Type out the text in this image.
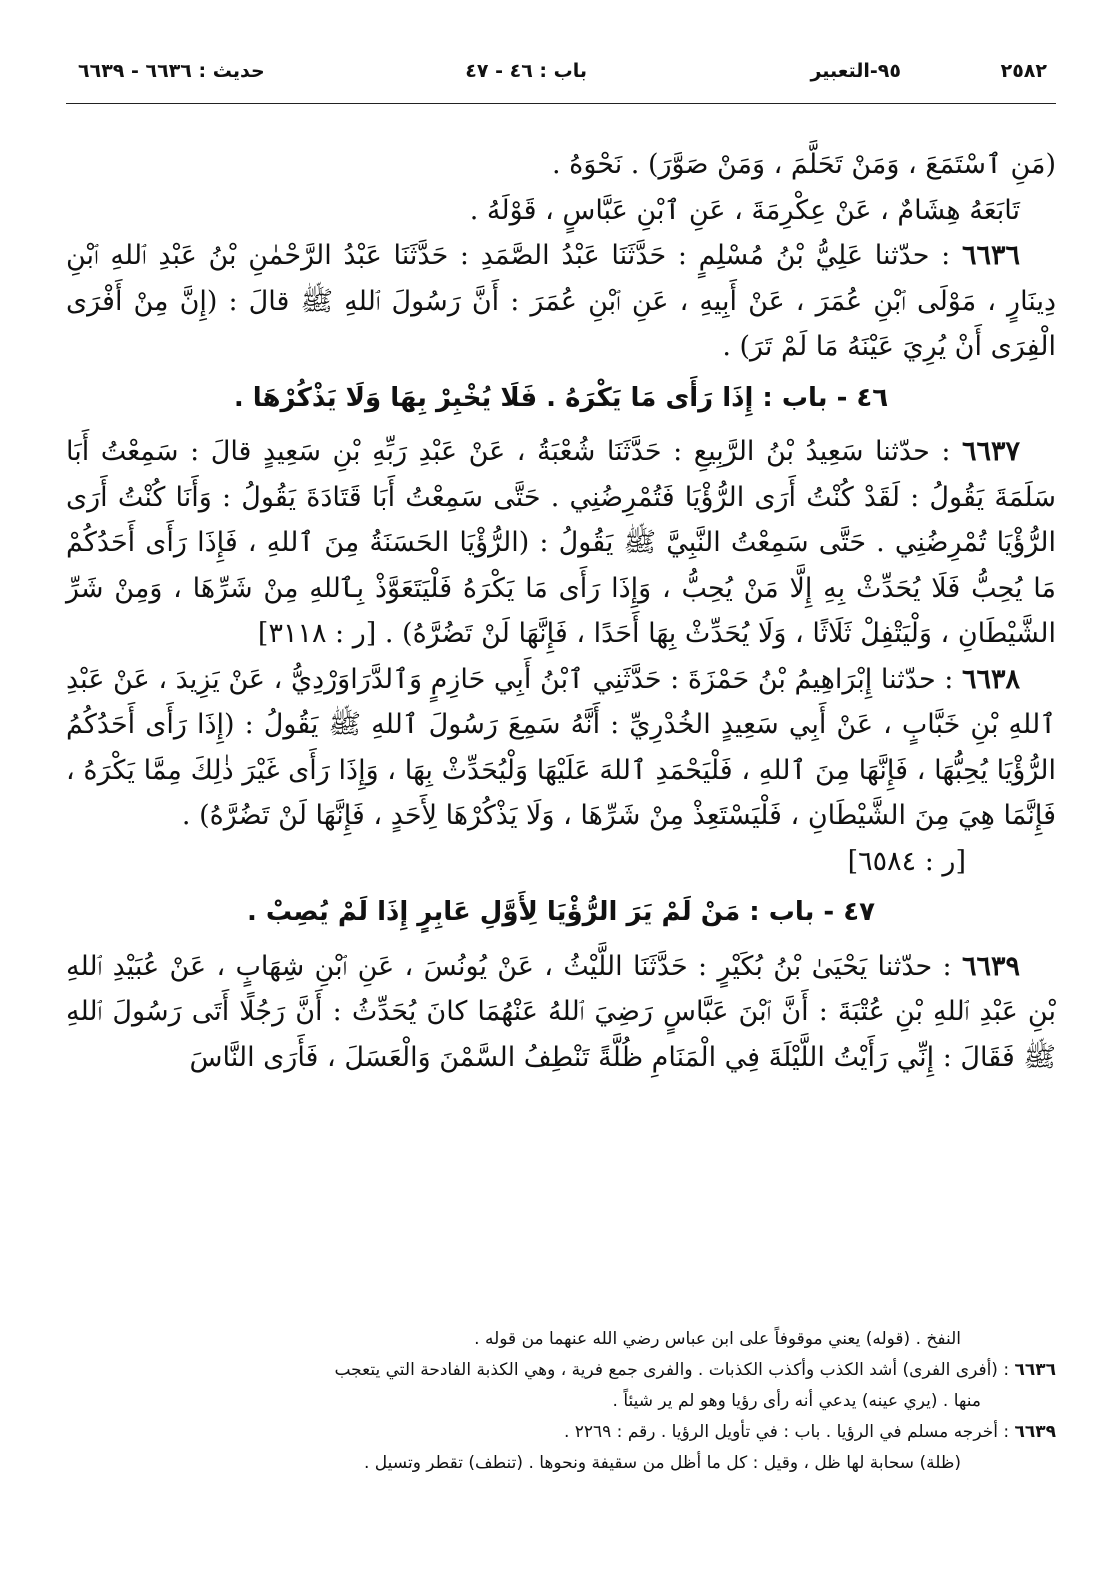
٢٥٨٢
٩٥-التعبير
باب : ٤٦ - ٤٧
حديث : ٦٦٣٦ - ٦٦٣٩

(مَنِ ٱسْتَمَعَ ، وَمَنْ تَحَلَّمَ ، وَمَنْ صَوَّرَ) . نَحْوَهُ .

تَابَعَهُ هِشَامٌ ، عَنْ عِكْرِمَةَ ، عَنِ ٱبْنِ عَبَّاسٍ ، قَوْلَهُ .

٦٦٣٦ : حدّثنا عَلِيُّ بْنُ مُسْلِمٍ : حَدَّثَنَا عَبْدُ الصَّمَدِ : حَدَّثَنَا عَبْدُ الرَّحْمٰنِ بْنُ عَبْدِ ٱللهِ ٱبْنِ دِينَارٍ ، مَوْلَى ٱبْنِ عُمَرَ ، عَنْ أَبِيهِ ، عَنِ ٱبْنِ عُمَرَ : أَنَّ رَسُولَ ٱللهِ ﷺ قالَ : (إِنَّ مِنْ أَفْرَى الْفِرَى أَنْ يُرِيَ عَيْنَهُ مَا لَمْ تَرَ) .

٤٦ - باب : إِذَا رَأَى مَا يَكْرَهُ . فَلَا يُخْبِرْ بِهَا وَلَا يَذْكُرْهَا .

٦٦٣٧ : حدّثنا سَعِيدُ بْنُ الرَّبِيعِ : حَدَّثَنَا شُعْبَةُ ، عَنْ عَبْدِ رَبِّهِ بْنِ سَعِيدٍ قالَ : سَمِعْتُ أَبَا سَلَمَةَ يَقُولُ : لَقَدْ كُنْتُ أَرَى الرُّؤْيَا فَتُمْرِضُنِي . حَتَّى سَمِعْتُ أَبَا قَتَادَةَ يَقُولُ : وَأَنَا كُنْتُ أَرَى الرُّؤْيَا تُمْرِضُنِي . حَتَّى سَمِعْتُ النَّبِيَّ ﷺ يَقُولُ : (الرُّؤْيَا الحَسَنَةُ مِنَ ٱللهِ ، فَإِذَا رَأَى أَحَدُكُمْ مَا يُحِبُّ فَلَا يُحَدِّثْ بِهِ إِلَّا مَنْ يُحِبُّ ، وَإِذَا رَأَى مَا يَكْرَهُ فَلْيَتَعَوَّذْ بِٱللهِ مِنْ شَرِّهَا ، وَمِنْ شَرِّ الشَّيْطَانِ ، وَلْيَتْفِلْ ثَلَاثًا ، وَلَا يُحَدِّثْ بِهَا أَحَدًا ، فَإِنَّهَا لَنْ تَضُرَّهُ) . [ر : ٣١١٨]

٦٦٣٨ : حدّثنا إِبْرَاهِيمُ بْنُ حَمْزَةَ : حَدَّثَنِي ٱبْنُ أَبِي حَازِمٍ وَٱلدَّرَاوَرْدِيُّ ، عَنْ يَزِيدَ ، عَنْ عَبْدِ ٱللهِ بْنِ خَبَّابٍ ، عَنْ أَبِي سَعِيدٍ الخُدْرِيِّ : أَنَّهُ سَمِعَ رَسُولَ ٱللهِ ﷺ يَقُولُ : (إِذَا رَأَى أَحَدُكُمُ الرُّؤْيَا يُحِبُّهَا ، فَإِنَّهَا مِنَ ٱللهِ ، فَلْيَحْمَدِ ٱللهَ عَلَيْهَا وَلْيُحَدِّثْ بِهَا ، وَإِذَا رَأَى غَيْرَ ذٰلِكَ مِمَّا يَكْرَهُ ، فَإِنَّمَا هِيَ مِنَ الشَّيْطَانِ ، فَلْيَسْتَعِذْ مِنْ شَرِّهَا ، وَلَا يَذْكُرْهَا لِأَحَدٍ ، فَإِنَّهَا لَنْ تَضُرَّهُ) .

[ر : ٦٥٨٤]

٤٧ - باب : مَنْ لَمْ يَرَ الرُّؤْيَا لِأَوَّلِ عَابِرٍ إِذَا لَمْ يُصِبْ .

٦٦٣٩ : حدّثنا يَحْيَىٰ بْنُ بُكَيْرٍ : حَدَّثَنَا اللَّيْثُ ، عَنْ يُونُسَ ، عَنِ ٱبْنِ شِهَابٍ ، عَنْ عُبَيْدِ ٱللهِ بْنِ عَبْدِ ٱللهِ بْنِ عُتْبَةَ : أَنَّ ٱبْنَ عَبَّاسٍ رَضِيَ ٱللهُ عَنْهُمَا كانَ يُحَدِّثُ : أَنَّ رَجُلًا أَتَى رَسُولَ ٱللهِ ﷺ فَقَالَ : إِنِّي رَأَيْتُ اللَّيْلَةَ فِي الْمَنَامِ ظُلَّةً تَنْطِفُ السَّمْنَ وَالْعَسَلَ ، فَأَرَى النَّاسَ

النفخ . (قوله) يعني موقوفاً على ابن عباس رضي الله عنهما من قوله .

٦٦٣٦ : (أفرى الفرى) أشد الكذب وأكذب الكذبات . والفرى جمع فرية ، وهي الكذبة الفادحة التي يتعجب

منها . (يري عينه) يدعي أنه رأى رؤيا وهو لم ير شيئاً .

٦٦٣٩ : أخرجه مسلم في الرؤيا . باب : في تأويل الرؤيا . رقم : ٢٢٦٩ .

(ظلة) سحابة لها ظل ، وقيل : كل ما أظل من سقيفة ونحوها . (تنطف) تقطر وتسيل .
